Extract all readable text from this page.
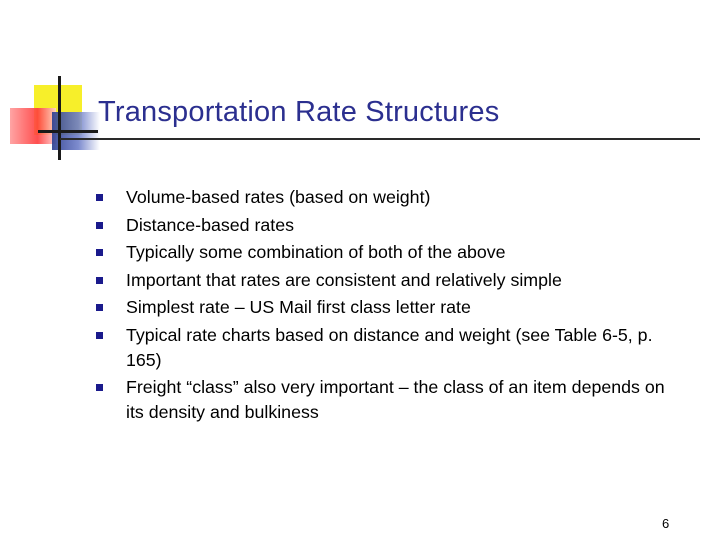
Transportation Rate Structures
Volume-based rates (based on weight)
Distance-based rates
Typically some combination of both of the above
Important that rates are consistent and relatively simple
Simplest rate – US Mail first class letter rate
Typical rate charts based on distance and weight (see Table 6-5, p. 165)
Freight “class” also very important – the class of an item depends on its density and bulkiness
6
